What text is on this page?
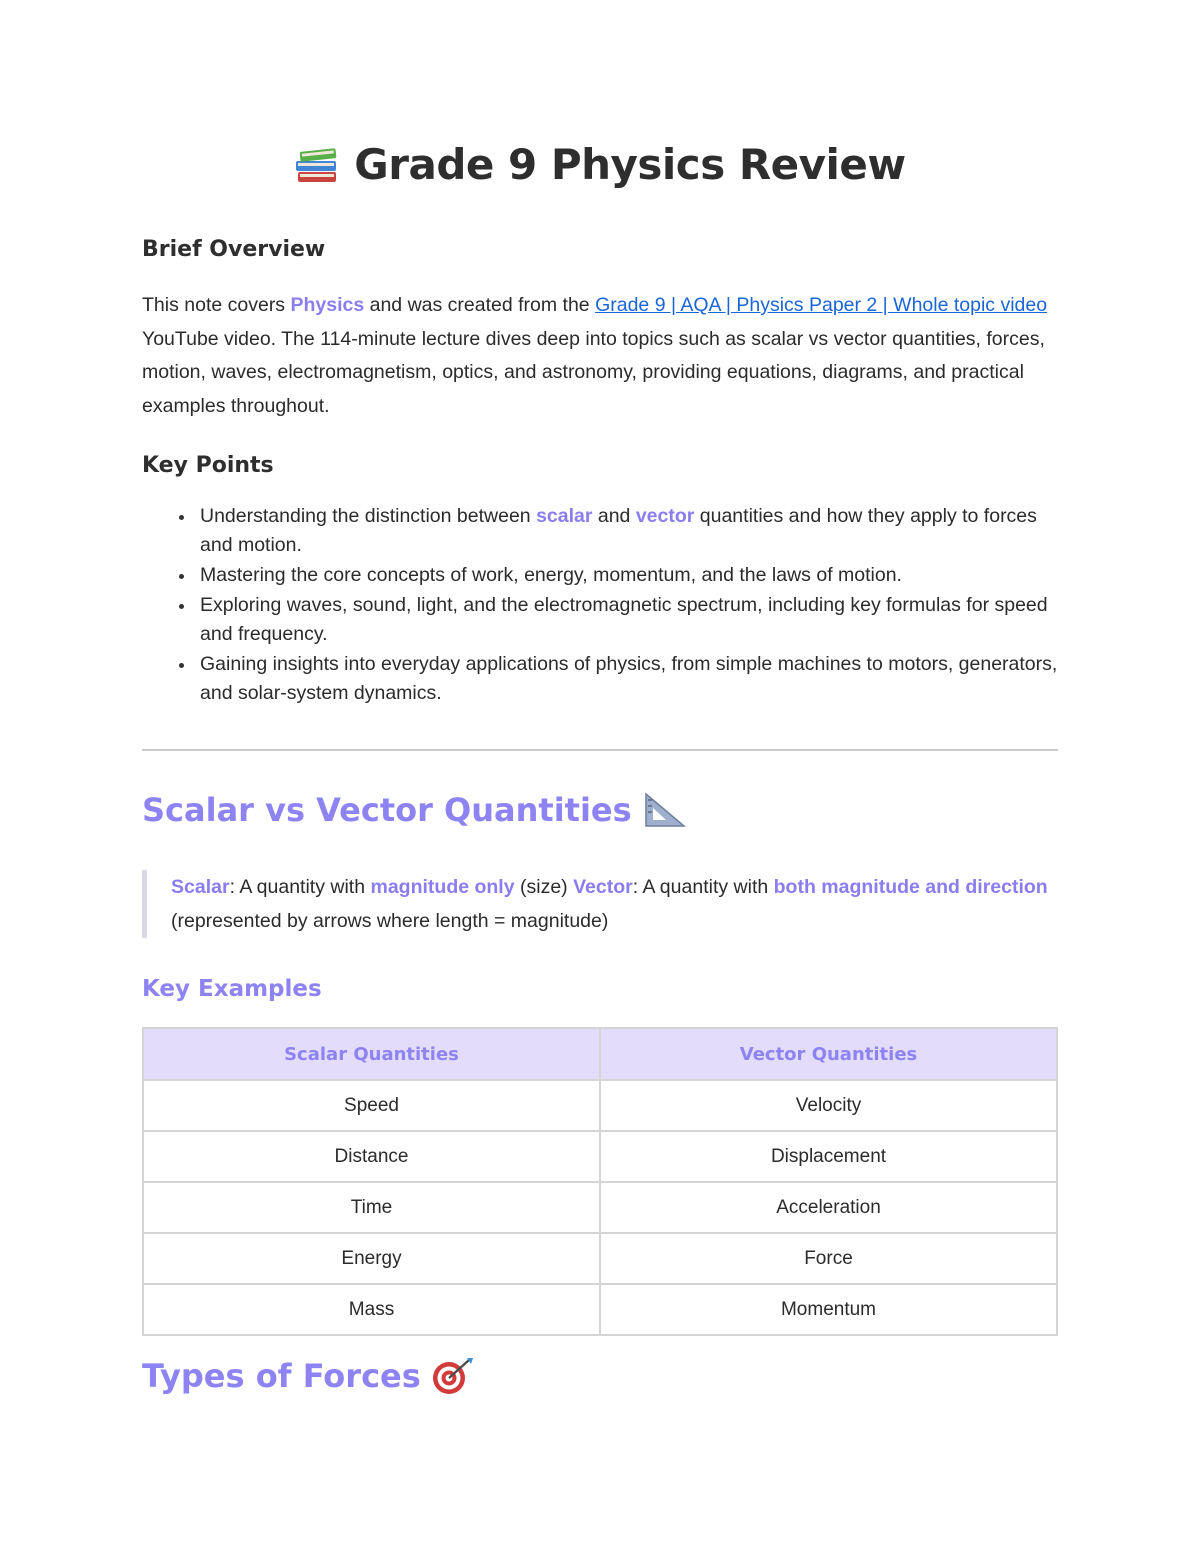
Grade 9 Physics Review
Brief Overview

This note covers Physics and was created from the Grade 9 | AQA | Physics Paper 2 | Whole topic video YouTube video. The 114-minute lecture dives deep into topics such as scalar vs vector quantities, forces, motion, waves, electromagnetism, optics, and astronomy, providing equations, diagrams, and practical examples throughout.

Key Points
Understanding the distinction between scalar and vector quantities and how they apply to forces and motion.
Mastering the core concepts of work, energy, momentum, and the laws of motion.
Exploring waves, sound, light, and the electromagnetic spectrum, including key formulas for speed and frequency.
Gaining insights into everyday applications of physics, from simple machines to motors, generators, and solar-system dynamics.
Scalar vs Vector Quantities
Scalar: A quantity with magnitude only (size) Vector: A quantity with both magnitude and direction (represented by arrows where length = magnitude)
Key Examples
Scalar Quantities	Vector Quantities
Speed	Velocity
Distance	Displacement
Time	Acceleration
Energy	Force
Mass	Momentum
Types of Forces
